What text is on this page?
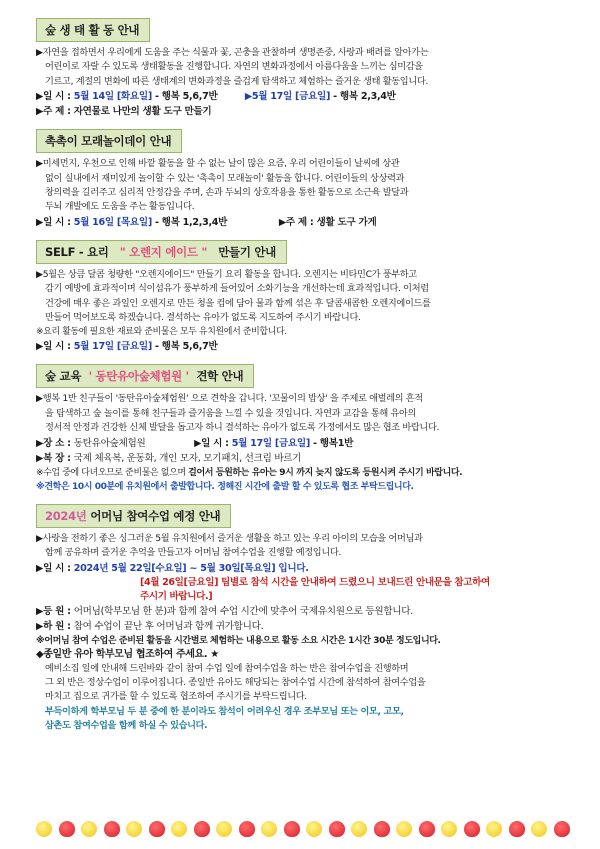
숲 생 태 활 동 안내
▶자연을 접하면서 우리에게 도움을 주는 식물과 꽃, 곤충을 관찰하며 생명존중, 사랑과 배려를 알아가는
어린이로 자랄 수 있도록 생태활동을 진행합니다. 자연의 변화과정에서 아름다움을 느끼는 심미감을
기르고, 계절의 변화에 따른 생태계의 변화과정을 즐겁게 탐색하고 체험하는 즐거운 생태 활동입니다.
▶일 시 : 5월 14일 [화요일] - 행복 5,6,7반	▶5월 17일 [금요일] - 행복 2,3,4반
▶주 제 : 자연물로 나만의 생활 도구 만들기
촉촉이 모래놀이데이 안내
▶미세먼지, 우천으로 인해 바깥 활동을 할 수 없는 날이 많은 요즘, 우리 어린이들이 날씨에 상관
없이 실내에서 재미있게 놀이할 수 있는 '촉촉이 모래놀이' 활동을 합니다. 어린이들의 상상력과
창의력을 길러주고 심리적 안정감을 주며, 손과 두뇌의 상호작용을 통한 활동으로 소근육 발달과
두뇌 개발에도 도움을 주는 활동입니다.
▶일 시 : 5월 16일 [목요일] - 행복 1,2,3,4반	▶주 제 : 생활 도구 가게
SELF - 요리 " 오렌지 에이드 " 만들기 안내
▶5월은 상큼 달콤 청량한 "오렌지에이드" 만들기 요리 활동을 합니다. 오렌지는 비타민C가 풍부하고
감기 예방에 효과적이며 식이섬유가 풍부하게 들어있어 소화기능을 개선하는데 효과적입니다. 이처럼
건강에 매우 좋은 과일인 오렌지로 만든 청을 컵에 담아 물과 함께 섞은 후 달콤새콤한 오렌지에이드를
만들어 먹어보도록 하겠습니다. 결석하는 유아가 없도록 지도하여 주시기 바랍니다.
※요리 활동에 필요한 재료와 준비물은 모두 유치원에서 준비합니다.
▶일 시 : 5월 17일 [금요일] - 행복 5,6,7반
숲 교육 ' 동탄유아숲체험원 ' 견학 안내
▶행복 1반 친구들이 '동탄유아숲체험원' 으로 견학을 갑니다. '꼬물이의 밥상' 을 주제로 애벌레의 흔적
을 탐색하고 숲 놀이를 통해 친구들과 즐거움을 느낄 수 있을 것입니다. 자연과 교감을 통해 유아의
정서적 안정과 건강한 신체 발달을 돕고자 하니 결석하는 유아가 없도록 가정에서도 많은 협조 바랍니다.
▶장 소 : 동탄유아숲체험원	▶일 시 : 5월 17일 [금요일] - 행복1반
▶복 장 : 국제 체육복, 운동화, 개인 모자, 모기패치, 선크림 바르기
※수업 중에 다녀오므로 준비물은 없으며 걸어서 등원하는 유아는 9시 까지 늦지 않도록 등원시켜 주시기 바랍니다.
※견학은 10시 00분에 유치원에서 출발합니다. 정해진 시간에 출발 할 수 있도록 협조 부탁드립니다.
2024년 어머님 참여수업 예정 안내
▶사랑을 전하기 좋은 싱그러운 5월 유치원에서 즐거운 생활을 하고 있는 우리 아이의 모습을 어머님과
함께 공유하며 즐거운 추억을 만들고자 어머님 참여수업을 진행할 예정입니다.
▶일 시 : 2024년 5월 22일[수요일] ~ 5월 30일[목요일] 입니다.
[4월 26일[금요일] 팀별로 참석 시간을 안내하여 드렸으니 보내드린 안내문을 참고하여
주시기 바랍니다.]
▶등 원 : 어머님(학부모님 한 분)과 함께 참여 수업 시간에 맞추어 국제유치원으로 등원합니다.
▶하 원 : 참여 수업이 끝난 후 어머님과 함께 귀가합니다.
※어머님 참여 수업은 준비된 활동을 시간별로 체험하는 내용으로 활동 소요 시간은 1시간 30분 정도입니다.
◆종일반 유아 학부모님 협조하여 주세요. ★
예비소집 일에 안내해 드린바와 같이 참여 수업 일에 참여수업을 하는 반은 참여수업을 진행하며
그 외 반은 정상수업이 이루어집니다. 종일반 유아도 해당되는 참여수업 시간에 참석하여 참여수업을
마치고 집으로 귀가를 할 수 있도록 협조하여 주시기를 부탁드립니다.
부득이하게 학부모님 두 분 중에 한 분이라도 참석이 어려우신 경우 조부모님 또는 이모, 고모,
삼촌도 참여수업을 함께 하실 수 있습니다.
